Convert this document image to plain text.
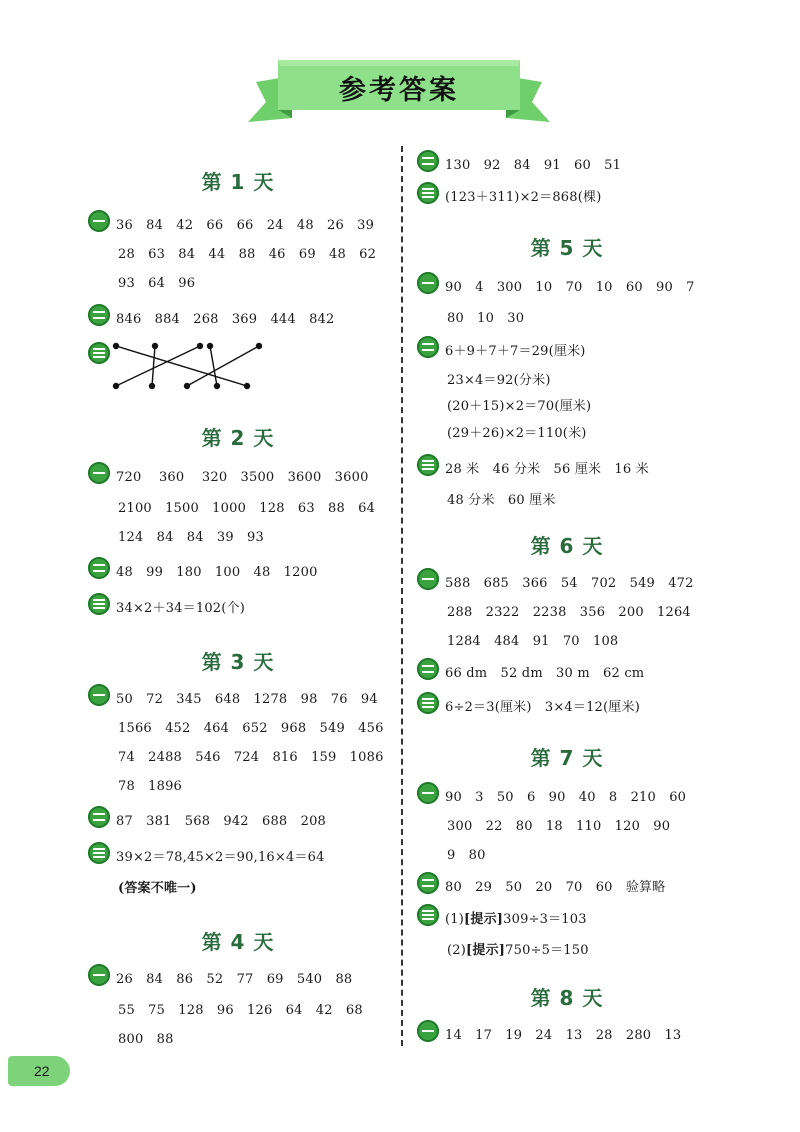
参考答案
第 1 天
36　84　42　66　66　24　48　26　39
28　63　84　44　88　46　69　48　62
93　64　96
846　884　268　369　444　842
第 2 天
720　 360　 320　3500　3600　3600
2100　1500　1000　128　63　88　64
124　84　84　39　93
48　99　180　100　48　1200
34×2＋34＝102(个)
第 3 天
50　72　345　648　1278　98　76　94
1566　452　464　652　968　549　456
74　2488　546　724　816　159　1086
78　1896
87　381　568　942　688　208
39×2＝78,45×2＝90,16×4＝64
(答案不唯一)
第 4 天
26　84　86　52　77　69　540　88
55　75　128　96　126　64　42　68
800　88
130　92　84　91　60　51
(123＋311)×2＝868(棵)
第 5 天
90　4　300　10　70　10　60　90　7
80　10　30
6＋9＋7＋7＝29(厘米)
23×4＝92(分米)
(20＋15)×2＝70(厘米)
(29＋26)×2＝110(米)
28 米　46 分米　56 厘米　16 米
48 分米　60 厘米
第 6 天
588　685　366　54　702　549　472
288　2322　2238　356　200　1264
1284　484　91　70　108
66 dm　52 dm　30 m　62 cm
6÷2＝3(厘米)　3×4＝12(厘米)
第 7 天
90　3　50　6　90　40　8　210　60
300　22　80　18　110　120　90
9　80
80　29　50　20　70　60　验算略
(1)[提示]309÷3＝103
(2)[提示]750÷5＝150
第 8 天
14　17　19　24　13　28　280　13
22
